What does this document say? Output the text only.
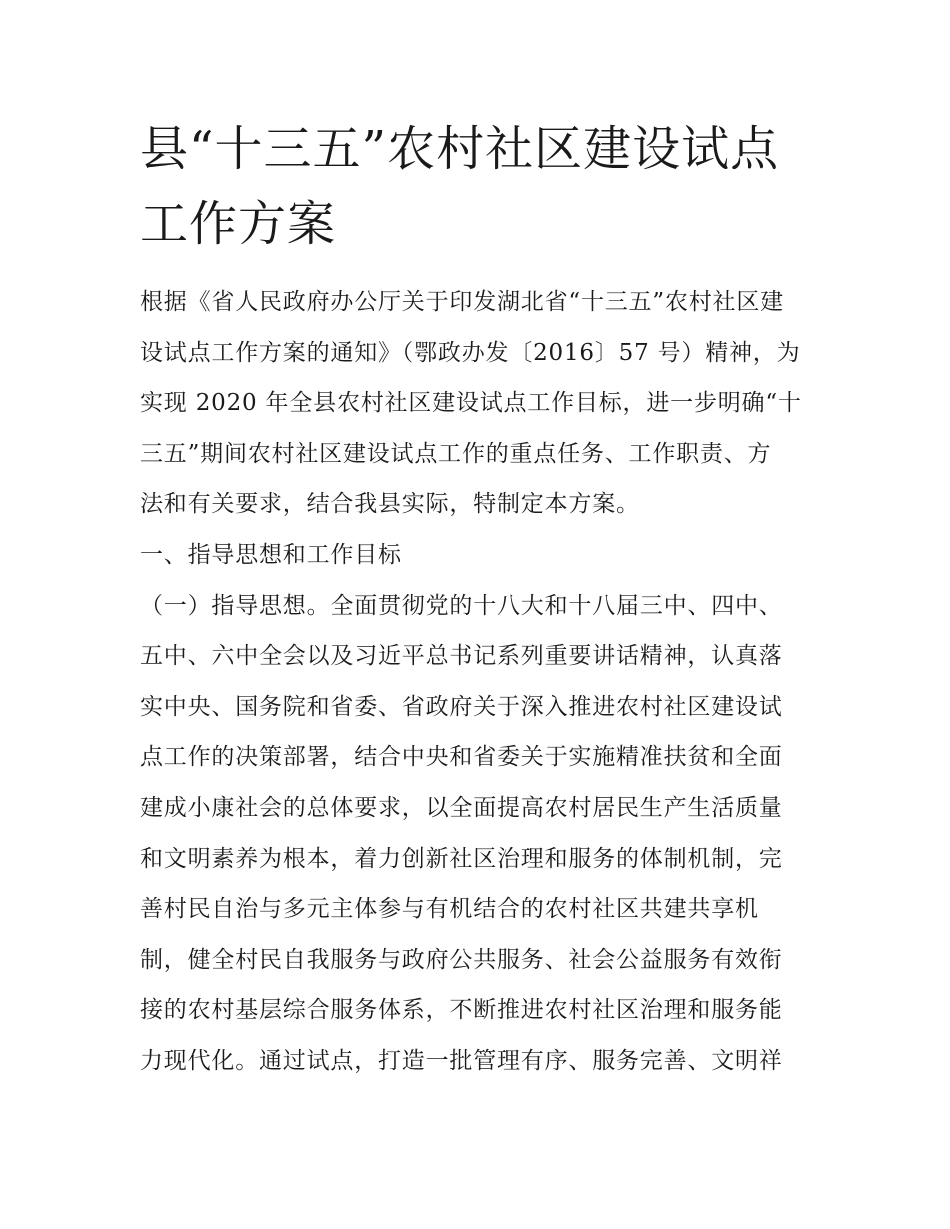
县“十三五”农村社区建设试点
工作方案
根据《省人民政府办公厅关于印发湖北省“十三五”农村社区建
设试点工作方案的通知》（鄂政办发〔2016〕57 号）精神，为
实现 2020 年全县农村社区建设试点工作目标，进一步明确“十
三五”期间农村社区建设试点工作的重点任务、工作职责、方
法和有关要求，结合我县实际，特制定本方案。
一、指导思想和工作目标
（一）指导思想。全面贯彻党的十八大和十八届三中、四中、
五中、六中全会以及习近平总书记系列重要讲话精神，认真落
实中央、国务院和省委、省政府关于深入推进农村社区建设试
点工作的决策部署，结合中央和省委关于实施精准扶贫和全面
建成小康社会的总体要求，以全面提高农村居民生产生活质量
和文明素养为根本，着力创新社区治理和服务的体制机制，完
善村民自治与多元主体参与有机结合的农村社区共建共享机
制，健全村民自我服务与政府公共服务、社会公益服务有效衔
接的农村基层综合服务体系，不断推进农村社区治理和服务能
力现代化。通过试点，打造一批管理有序、服务完善、文明祥
